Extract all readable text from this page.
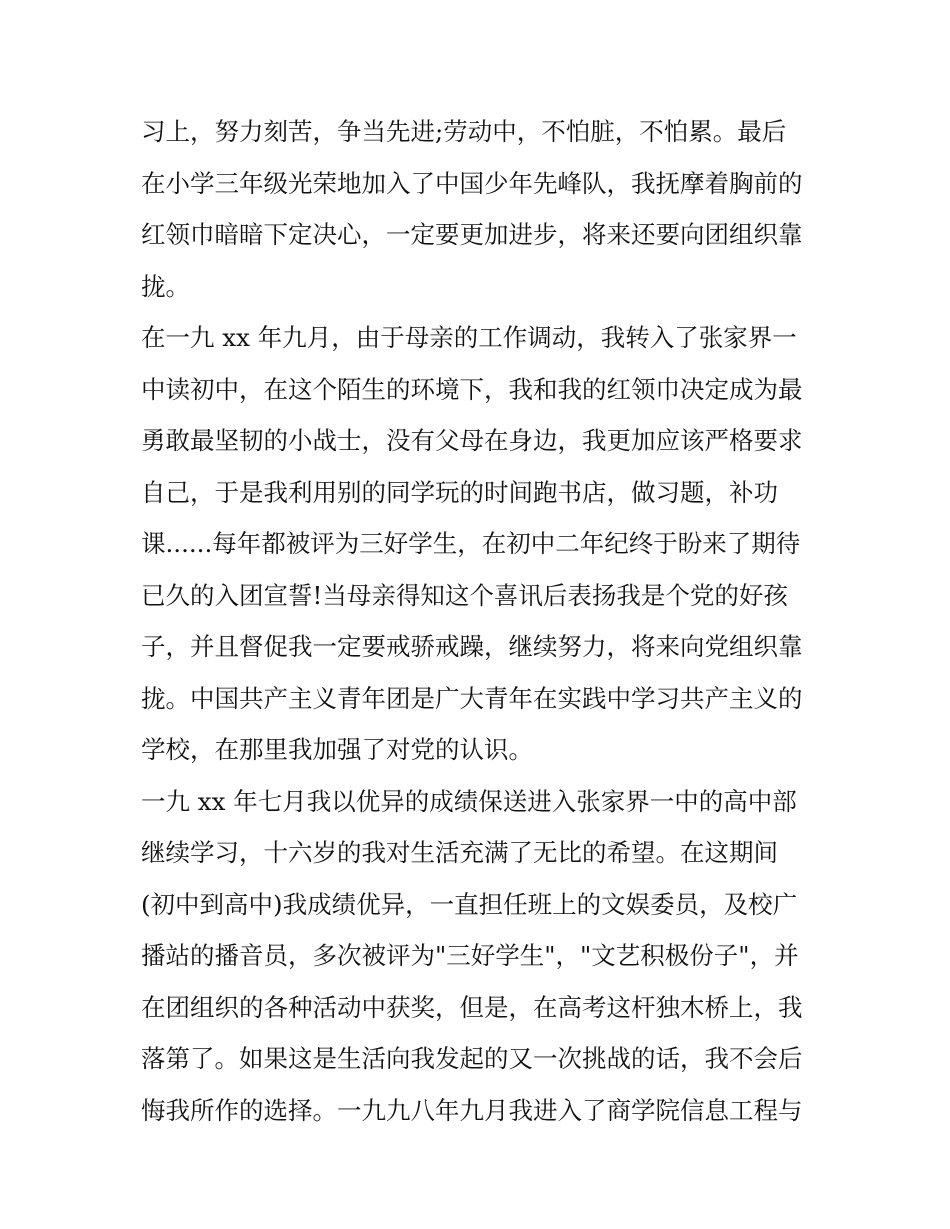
习上，努力刻苦，争当先进;劳动中，不怕脏，不怕累。最后
在小学三年级光荣地加入了中国少年先峰队，我抚摩着胸前的
红领巾暗暗下定决心，一定要更加进步，将来还要向团组织靠
拢。
在一九 xx 年九月，由于母亲的工作调动，我转入了张家界一
中读初中，在这个陌生的环境下，我和我的红领巾决定成为最
勇敢最坚韧的小战士，没有父母在身边，我更加应该严格要求
自己，于是我利用别的同学玩的时间跑书店，做习题，补功
课......每年都被评为三好学生，在初中二年纪终于盼来了期待
已久的入团宣誓!当母亲得知这个喜讯后表扬我是个党的好孩
子，并且督促我一定要戒骄戒躁，继续努力，将来向党组织靠
拢。中国共产主义青年团是广大青年在实践中学习共产主义的
学校，在那里我加强了对党的认识。
一九 xx 年七月我以优异的成绩保送进入张家界一中的高中部
继续学习，十六岁的我对生活充满了无比的希望。在这期间
(初中到高中)我成绩优异，一直担任班上的文娱委员，及校广
播站的播音员，多次被评为"三好学生"，"文艺积极份子"，并
在团组织的各种活动中获奖，但是，在高考这杆独木桥上，我
落第了。如果这是生活向我发起的又一次挑战的话，我不会后
悔我所作的选择。一九九八年九月我进入了商学院信息工程与
